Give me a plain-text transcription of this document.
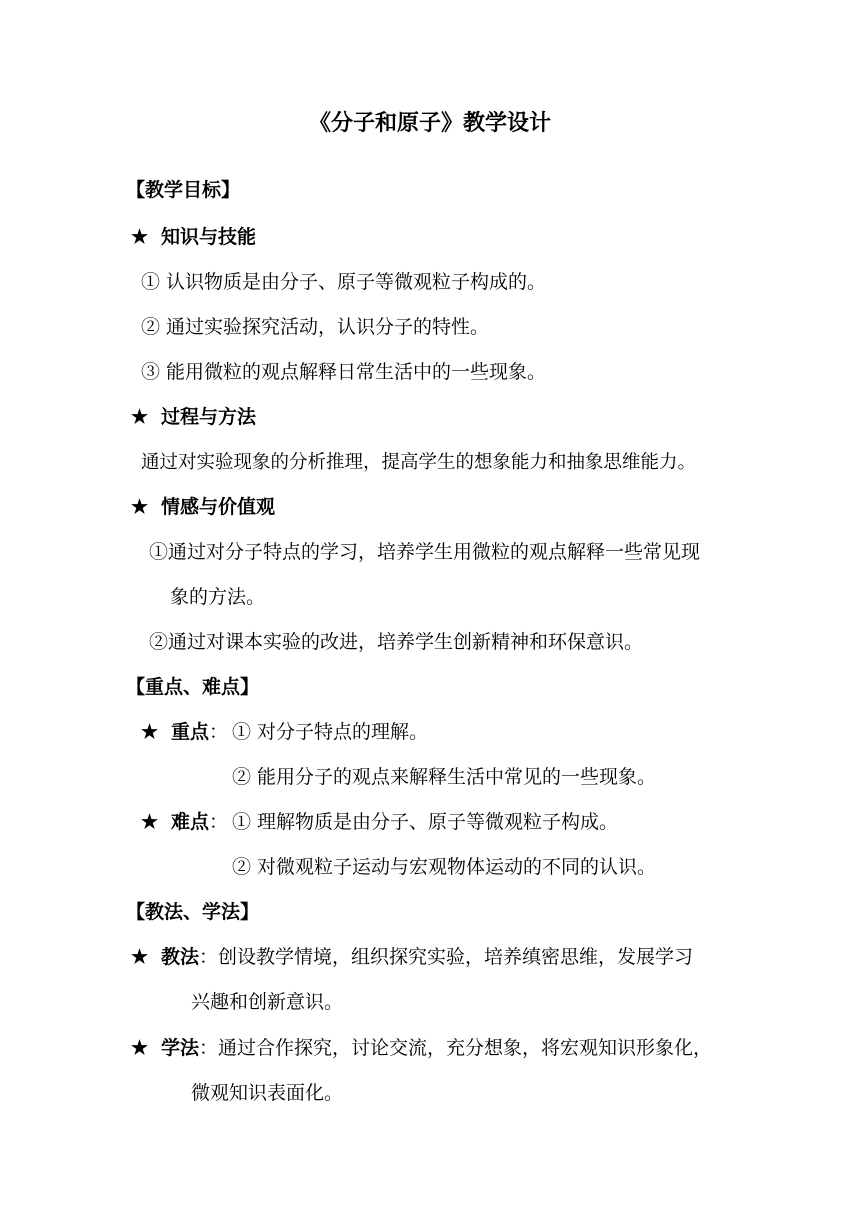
《分子和原子》教学设计
【教学目标】
★ 知识与技能
① 认识物质是由分子、原子等微观粒子构成的。
② 通过实验探究活动，认识分子的特性。
③ 能用微粒的观点解释日常生活中的一些现象。
★ 过程与方法
通过对实验现象的分析推理，提高学生的想象能力和抽象思维能力。
★ 情感与价值观
①通过对分子特点的学习，培养学生用微粒的观点解释一些常见现
象的方法。
②通过对课本实验的改进，培养学生创新精神和环保意识。
【重点、难点】
★ 重点： ① 对分子特点的理解。
② 能用分子的观点来解释生活中常见的一些现象。
★ 难点： ① 理解物质是由分子、原子等微观粒子构成。
② 对微观粒子运动与宏观物体运动的不同的认识。
【教法、学法】
★ 教法：创设教学情境，组织探究实验，培养缜密思维，发展学习
兴趣和创新意识。
★ 学法：通过合作探究，讨论交流，充分想象，将宏观知识形象化，
微观知识表面化。
